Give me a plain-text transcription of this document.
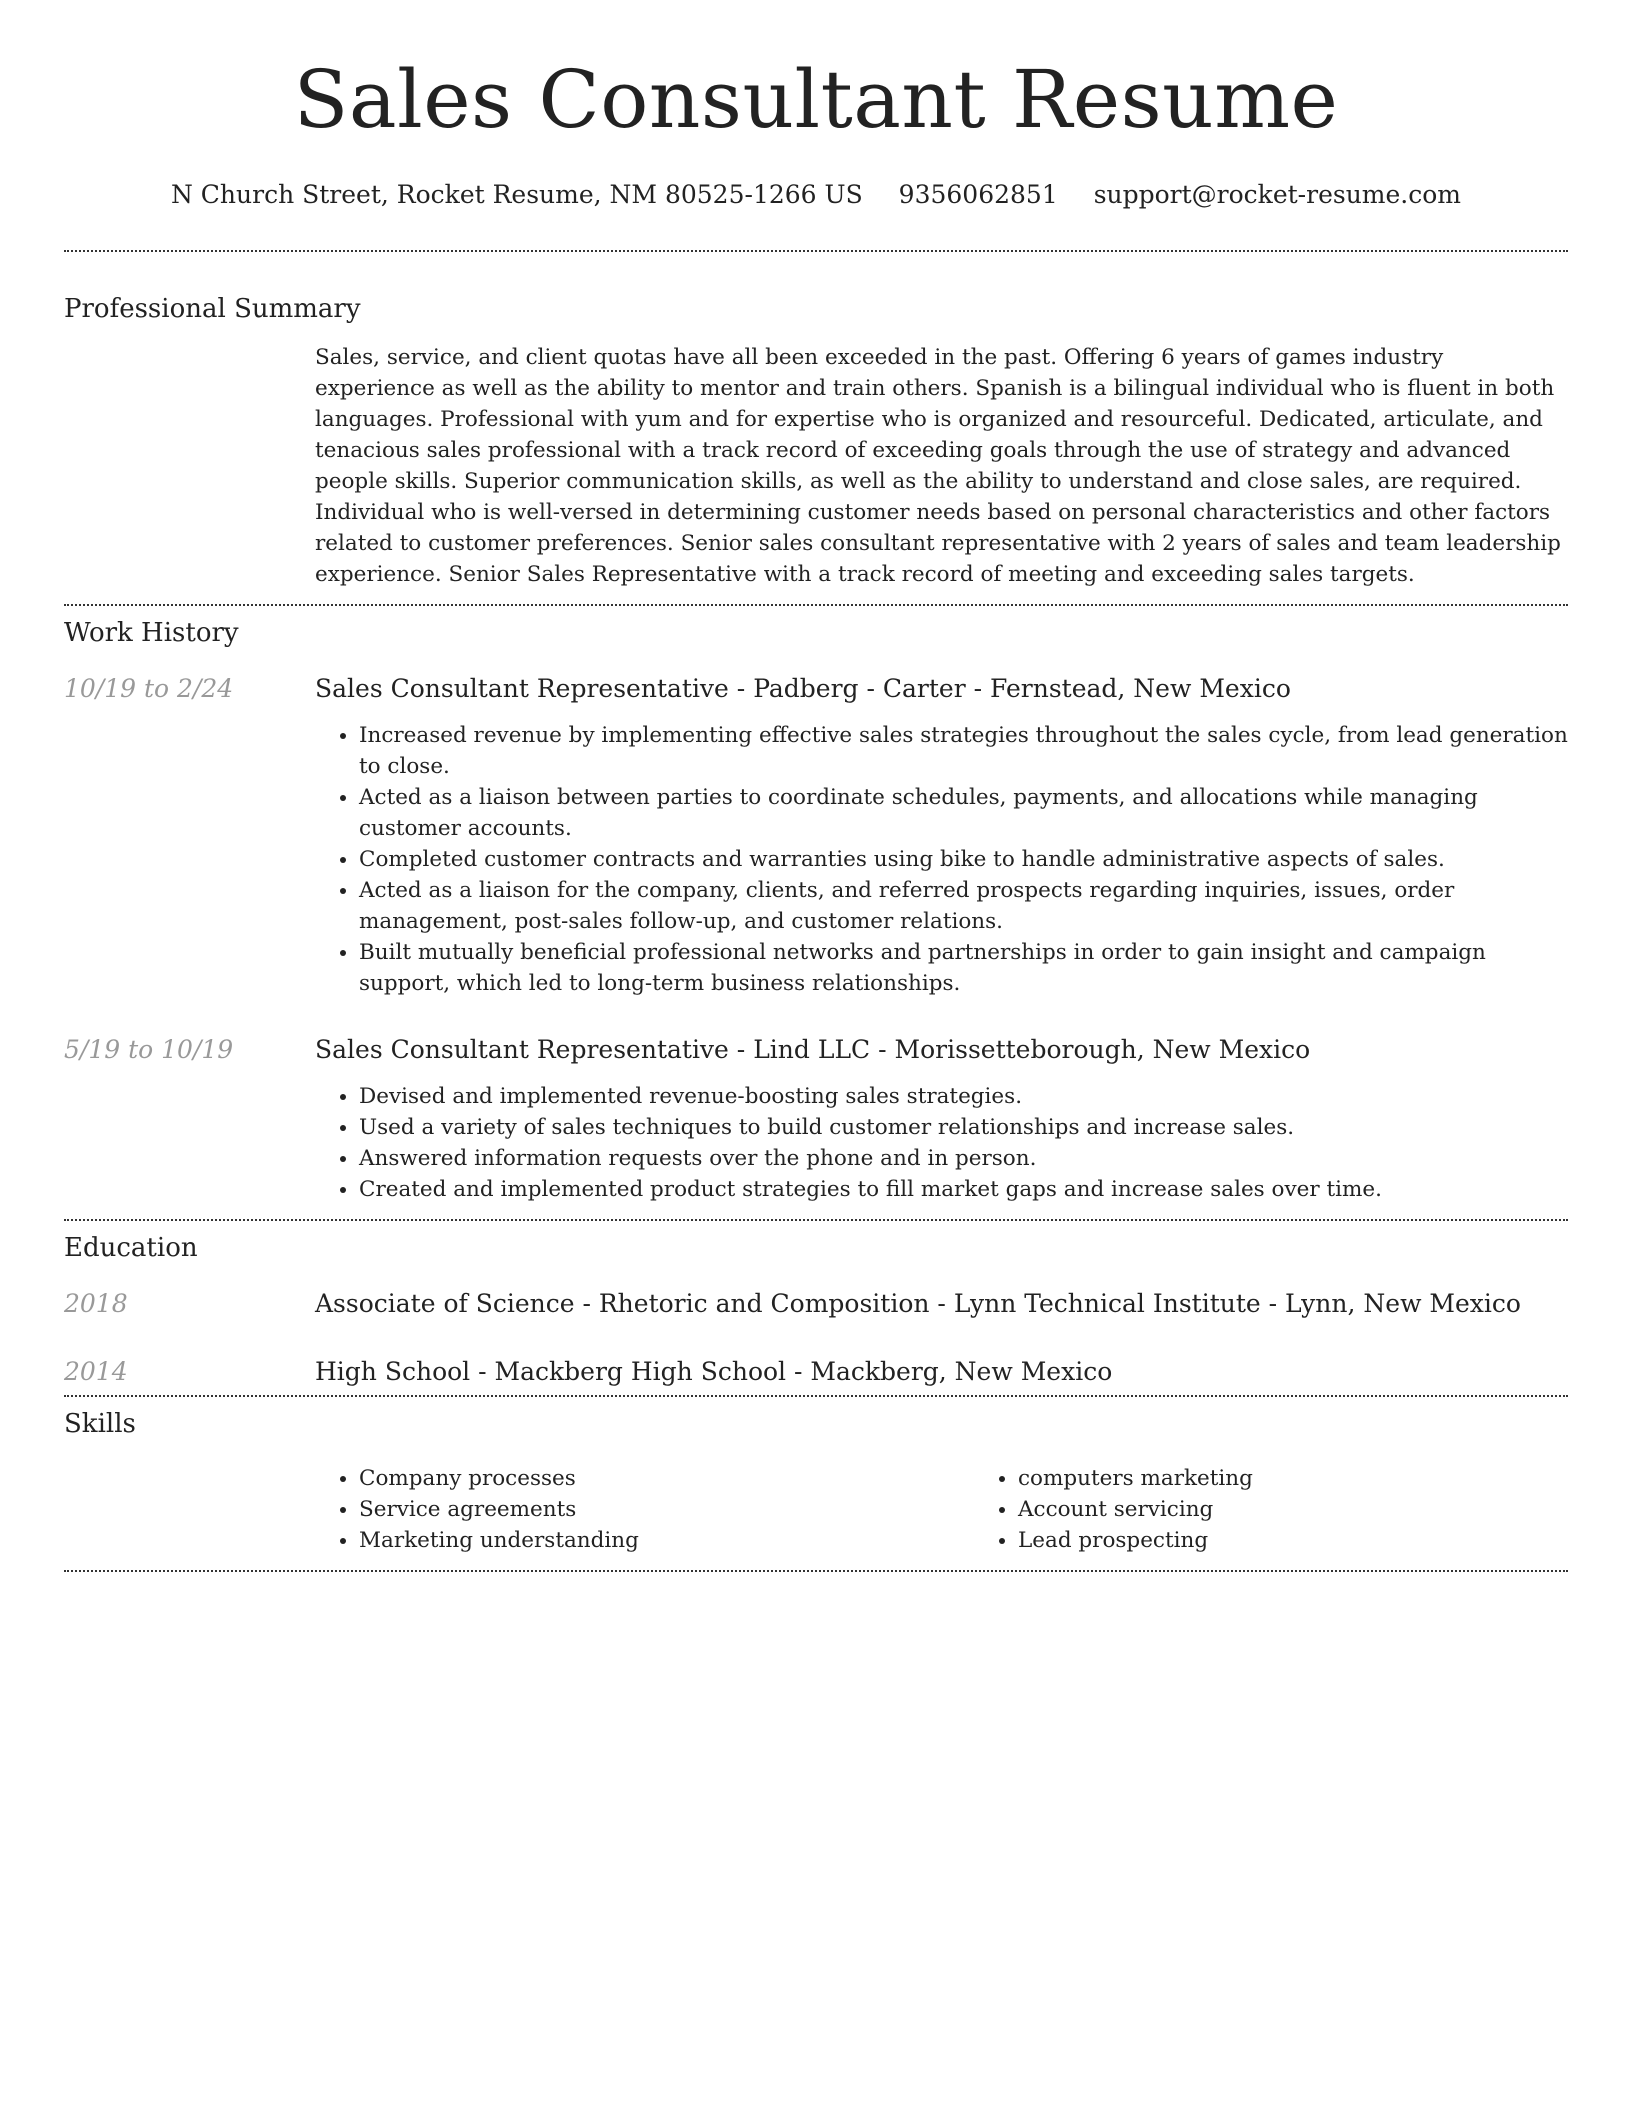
Sales Consultant Resume
N Church Street, Rocket Resume, NM 80525-1266 US 9356062851 support@rocket-resume.com
Professional Summary

Sales, service, and client quotas have all been exceeded in the past. Offering 6 years of games industry experience as well as the ability to mentor and train others. Spanish is a bilingual individual who is fluent in both languages. Professional with yum and for expertise who is organized and resourceful. Dedicated, articulate, and tenacious sales professional with a track record of exceeding goals through the use of strategy and advanced people skills. Superior communication skills, as well as the ability to understand and close sales, are required. Individual who is well-versed in determining customer needs based on personal characteristics and other factors related to customer preferences. Senior sales consultant representative with 2 years of sales and team leadership experience. Senior Sales Representative with a track record of meeting and exceeding sales targets.

Work History
10/19 to 2/24	Sales Consultant Representative - Padberg - Carter - Fernstead, New Mexico
• Increased revenue by implementing effective sales strategies throughout the sales cycle, from lead generation to close.
• Acted as a liaison between parties to coordinate schedules, payments, and allocations while managing customer accounts.
• Completed customer contracts and warranties using bike to handle administrative aspects of sales.
• Acted as a liaison for the company, clients, and referred prospects regarding inquiries, issues, order management, post-sales follow-up, and customer relations.
• Built mutually beneficial professional networks and partnerships in order to gain insight and campaign support, which led to long-term business relationships.
5/19 to 10/19	Sales Consultant Representative - Lind LLC - Morissetteborough, New Mexico
• Devised and implemented revenue-boosting sales strategies.
• Used a variety of sales techniques to build customer relationships and increase sales.
• Answered information requests over the phone and in person.
• Created and implemented product strategies to fill market gaps and increase sales over time.
Education
2018	Associate of Science - Rhetoric and Composition - Lynn Technical Institute - Lynn, New Mexico
2014	High School - Mackberg High School - Mackberg, New Mexico
Skills
• Company processes
• Service agreements
• Marketing understanding
• computers marketing
• Account servicing
• Lead prospecting
